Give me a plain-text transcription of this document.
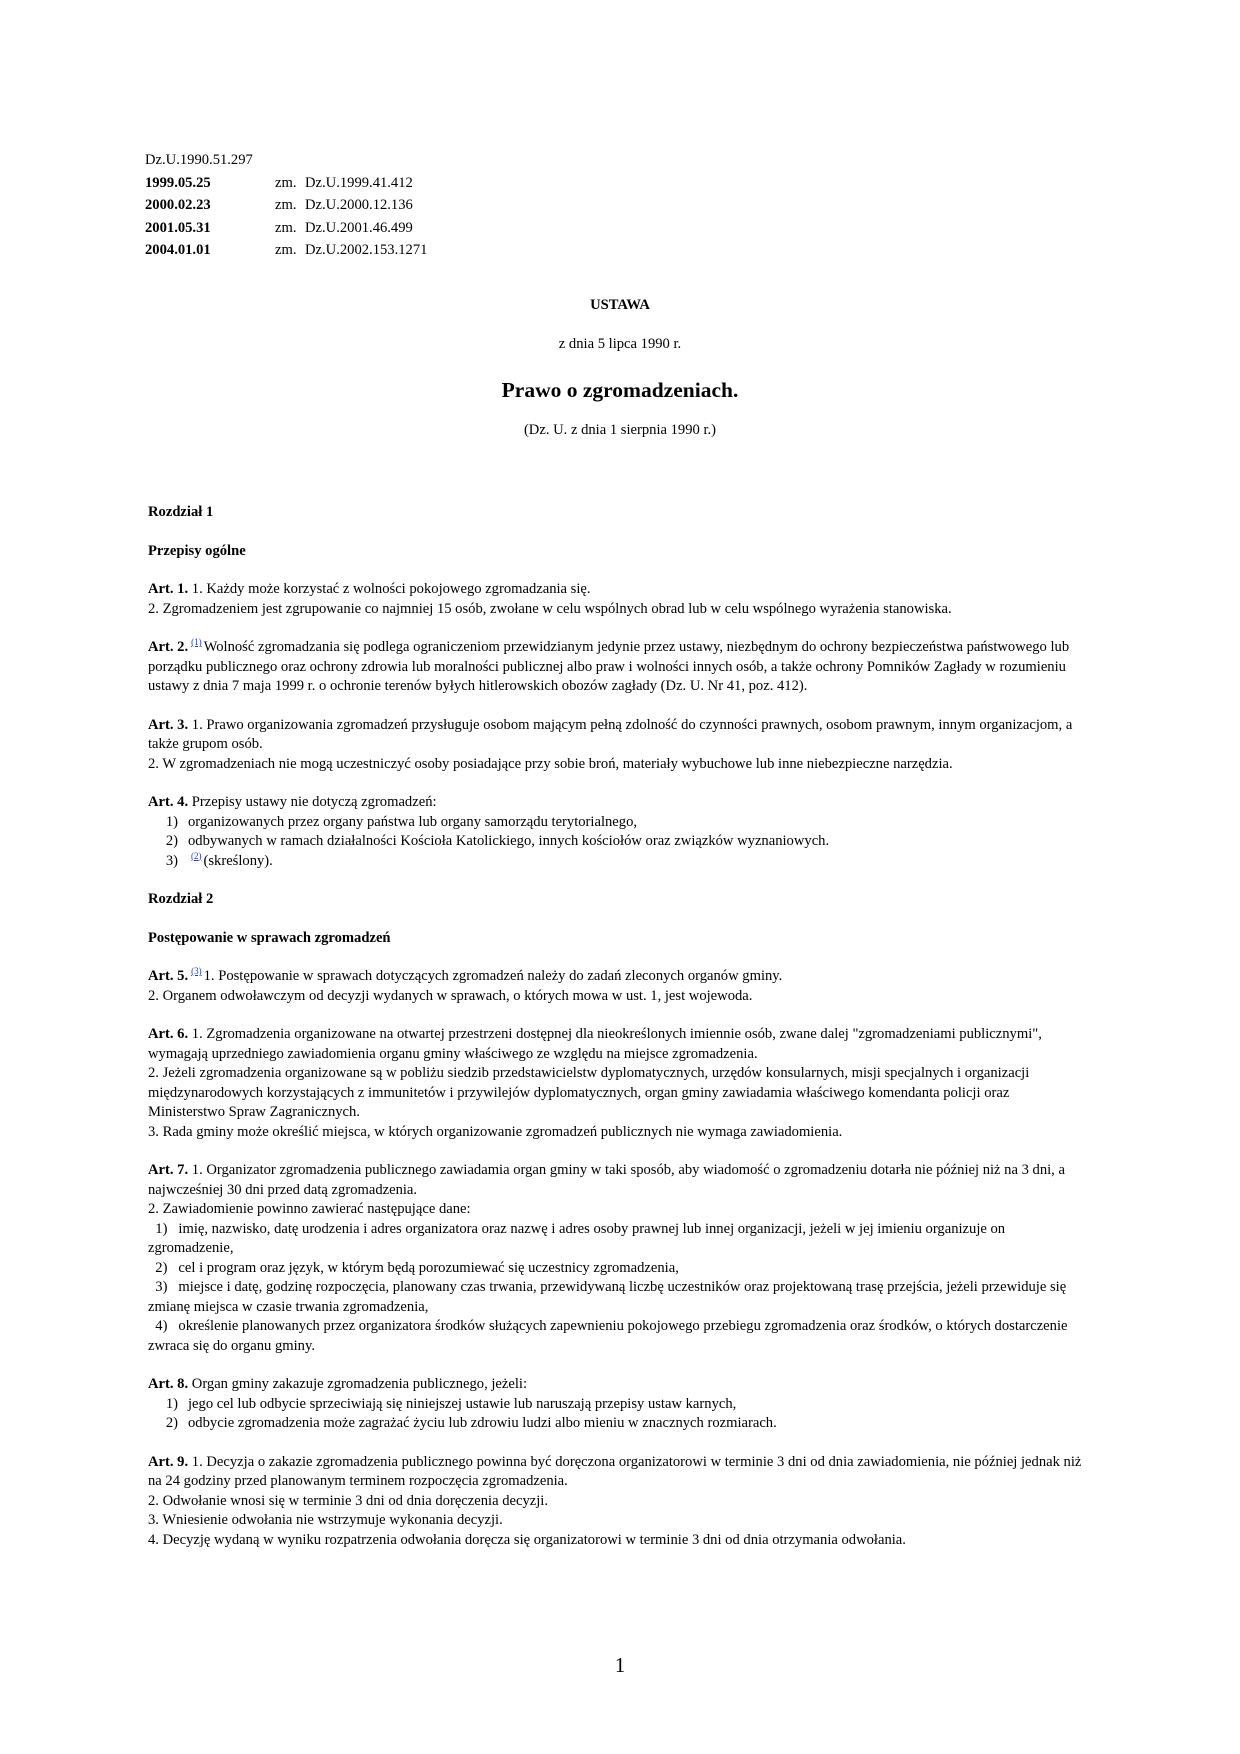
Dz.U.1990.51.297
1999.05.25	zm. Dz.U.1999.41.412
2000.02.23	zm. Dz.U.2000.12.136
2001.05.31	zm. Dz.U.2001.46.499
2004.01.01	zm. Dz.U.2002.153.1271
USTAWA
z dnia 5 lipca 1990 r.
Prawo o zgromadzeniach.
(Dz. U. z dnia 1 sierpnia 1990 r.)
Rozdział 1
Przepisy ogólne

Art. 1. 1. Każdy może korzystać z wolności pokojowego zgromadzania się.
2. Zgromadzeniem jest zgrupowanie co najmniej 15 osób, zwołane w celu wspólnych obrad lub w celu wspólnego wyrażenia stanowiska.

Art. 2. $^{(1)}$ Wolność zgromadzania się podlega ograniczeniom przewidzianym jedynie przez ustawy, niezbędnym do ochrony bezpieczeństwa państwowego lub porządku publicznego oraz ochrony zdrowia lub moralności publicznej albo praw i wolności innych osób, a także ochrony Pomników Zagłady w rozumieniu ustawy z dnia 7 maja 1999 r. o ochronie terenów byłych hitlerowskich obozów zagłady (Dz. U. Nr 41, poz. 412).

Art. 3. 1. Prawo organizowania zgromadzeń przysługuje osobom mającym pełną zdolność do czynności prawnych, osobom prawnym, innym organizacjom, a także grupom osób.
2. W zgromadzeniach nie mogą uczestniczyć osoby posiadające przy sobie broń, materiały wybuchowe lub inne niebezpieczne narzędzia.

Art. 4. Przepisy ustawy nie dotyczą zgromadzeń:
1) organizowanych przez organy państwa lub organy samorządu terytorialnego,
2) odbywanych w ramach działalności Kościoła Katolickiego, innych kościołów oraz związków wyznaniowych.
3)	$^{(2)}$ (skreślony).

Rozdział 2
Postępowanie w sprawach zgromadzeń

Art. 5. $^{(3)}$ 1. Postępowanie w sprawach dotyczących zgromadzeń należy do zadań zleconych organów gminy.
2. Organem odwoławczym od decyzji wydanych w sprawach, o których mowa w ust. 1, jest wojewoda.

Art. 6. 1. Zgromadzenia organizowane na otwartej przestrzeni dostępnej dla nieokreślonych imiennie osób, zwane dalej "zgromadzeniami publicznymi", wymagają uprzedniego zawiadomienia organu gminy właściwego ze względu na miejsce zgromadzenia.
2. Jeżeli zgromadzenia organizowane są w pobliżu siedzib przedstawicielstw dyplomatycznych, urzędów konsularnych, misji specjalnych i organizacji międzynarodowych korzystających z immunitetów i przywilejów dyplomatycznych, organ gminy zawiadamia właściwego komendanta policji oraz Ministerstwo Spraw Zagranicznych.
3. Rada gminy może określić miejsca, w których organizowanie zgromadzeń publicznych nie wymaga zawiadomienia.

Art. 7. 1. Organizator zgromadzenia publicznego zawiadamia organ gminy w taki sposób, aby wiadomość o zgromadzeniu dotarła nie później niż na 3 dni, a najwcześniej 30 dni przed datą zgromadzenia.
2. Zawiadomienie powinno zawierać następujące dane:
1) imię, nazwisko, datę urodzenia i adres organizatora oraz nazwę i adres osoby prawnej lub innej organizacji, jeżeli w jej imieniu organizuje on zgromadzenie,
2) cel i program oraz język, w którym będą porozumiewać się uczestnicy zgromadzenia,
3) miejsce i datę, godzinę rozpoczęcia, planowany czas trwania, przewidywaną liczbę uczestników oraz projektowaną trasę przejścia, jeżeli przewiduje się zmianę miejsca w czasie trwania zgromadzenia,
4) określenie planowanych przez organizatora środków służących zapewnieniu pokojowego przebiegu zgromadzenia oraz środków, o których dostarczenie zwraca się do organu gminy.

Art. 8. Organ gminy zakazuje zgromadzenia publicznego, jeżeli:
1) jego cel lub odbycie sprzeciwiają się niniejszej ustawie lub naruszają przepisy ustaw karnych,
2) odbycie zgromadzenia może zagrażać życiu lub zdrowiu ludzi albo mieniu w znacznych rozmiarach.

Art. 9. 1. Decyzja o zakazie zgromadzenia publicznego powinna być doręczona organizatorowi w terminie 3 dni od dnia zawiadomienia, nie później jednak niż na 24 godziny przed planowanym terminem rozpoczęcia zgromadzenia.
2. Odwołanie wnosi się w terminie 3 dni od dnia doręczenia decyzji.
3. Wniesienie odwołania nie wstrzymuje wykonania decyzji.
4. Decyzję wydaną w wyniku rozpatrzenia odwołania doręcza się organizatorowi w terminie 3 dni od dnia otrzymania odwołania.

1
